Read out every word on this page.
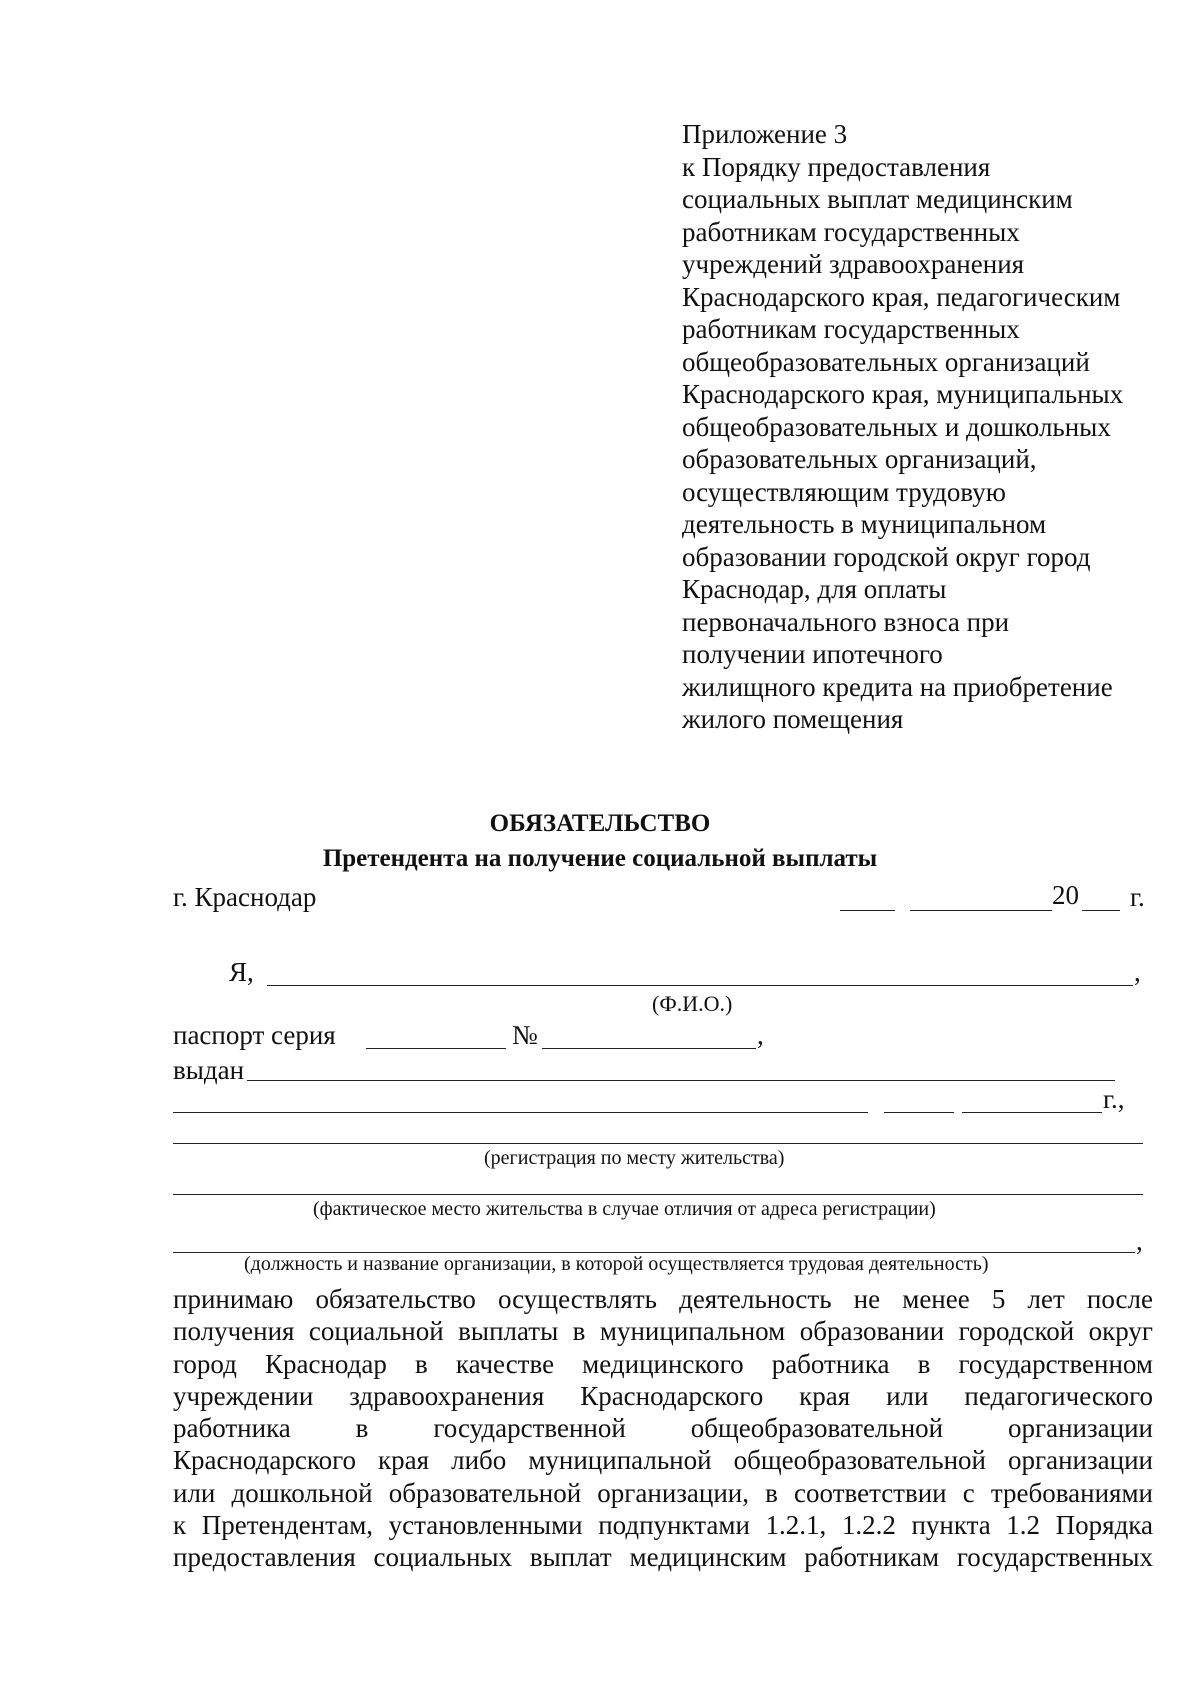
Приложение 3
к Порядку предоставления
социальных выплат медицинским
работникам государственных
учреждений здравоохранения
Краснодарского края, педагогическим
работникам государственных
общеобразовательных организаций
Краснодарского края, муниципальных
общеобразовательных и дошкольных
образовательных организаций,
осуществляющим трудовую
деятельность в муниципальном
образовании городской округ город
Краснодар, для оплаты
первоначального взноса при
получении ипотечного
жилищного кредита на приобретение
жилого помещения
ОБЯЗАТЕЛЬСТВО
Претендента на получение социальной выплаты
г. Краснодар	20 г.
Я,	,
(Ф.И.О.)
паспорт серия	№	,
выдан
г.,
(регистрация по месту жительства)
(фактическое место жительства в случае отличия от адреса регистрации)
,
(должность и название организации, в которой осуществляется трудовая деятельность)
принимаю обязательство осуществлять деятельность не менее 5 лет после
получения социальной выплаты в муниципальном образовании городской округ
город Краснодар в качестве медицинского работника в государственном
учреждении здравоохранения Краснодарского края или педагогического
работника в государственной общеобразовательной организации
Краснодарского края либо муниципальной общеобразовательной организации
или дошкольной образовательной организации, в соответствии с требованиями
к Претендентам, установленными подпунктами 1.2.1, 1.2.2 пункта 1.2 Порядка
предоставления социальных выплат медицинским работникам государственных
